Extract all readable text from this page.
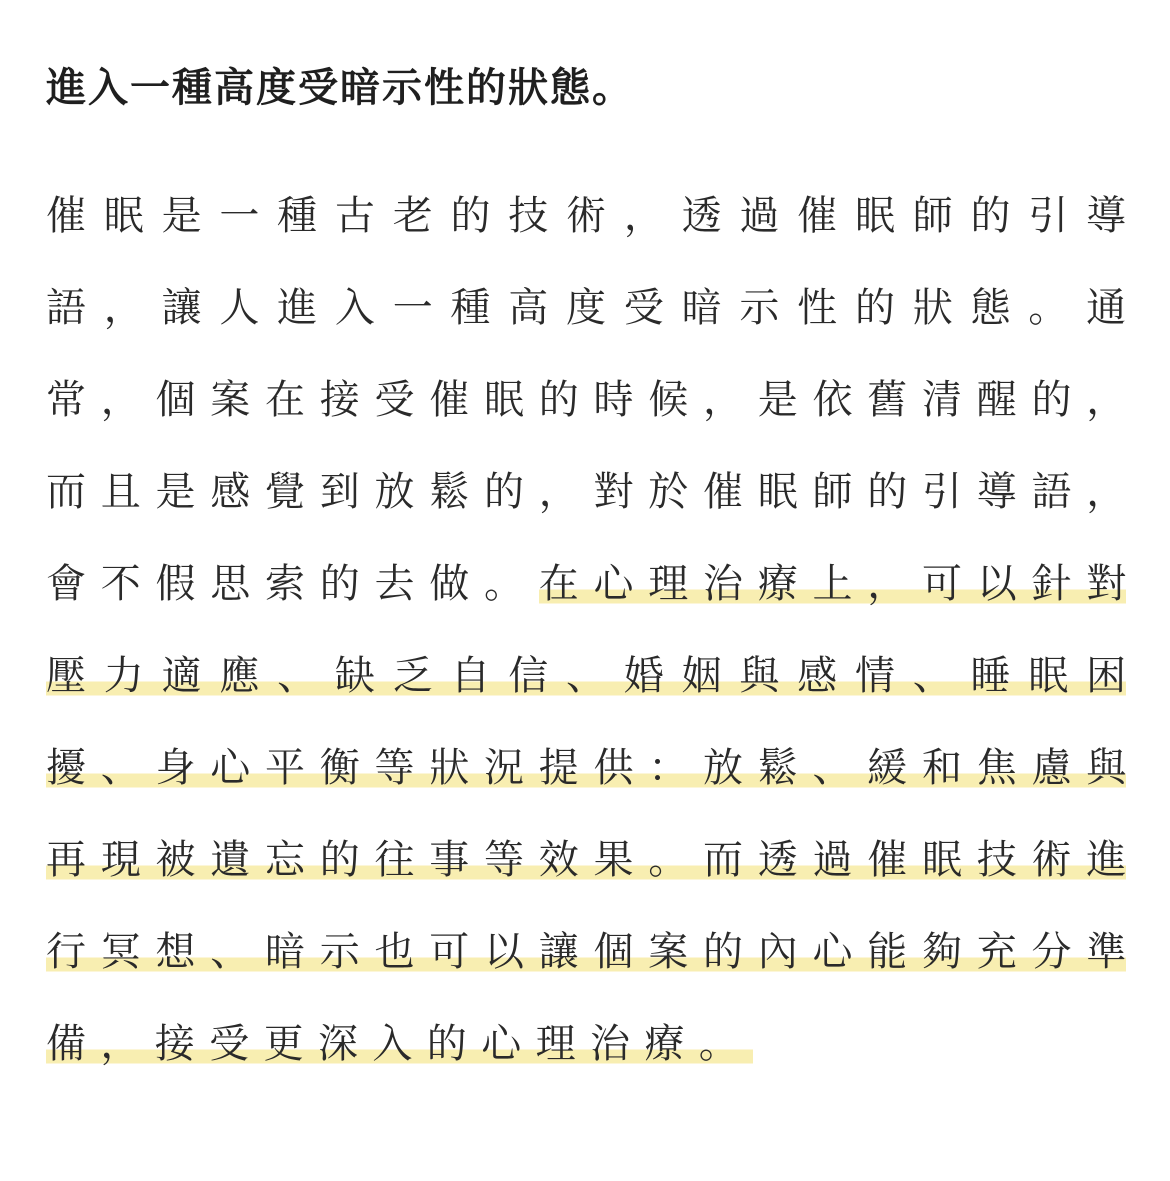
進入一種高度受暗示性的狀態。
催眠是一種古老的技術，透過催眠師的引導
語，讓人進入一種高度受暗示性的狀態。通
常，個案在接受催眠的時候，是依舊清醒的，
而且是感覺到放鬆的，對於催眠師的引導語，
會不假思索的去做。在心理治療上，可以針對
壓力適應、缺乏自信、婚姻與感情、睡眠困
擾、身心平衡等狀況提供：放鬆、緩和焦慮與
再現被遺忘的往事等效果。而透過催眠技術進
行冥想、暗示也可以讓個案的內心能夠充分準
備，接受更深入的心理治療。
